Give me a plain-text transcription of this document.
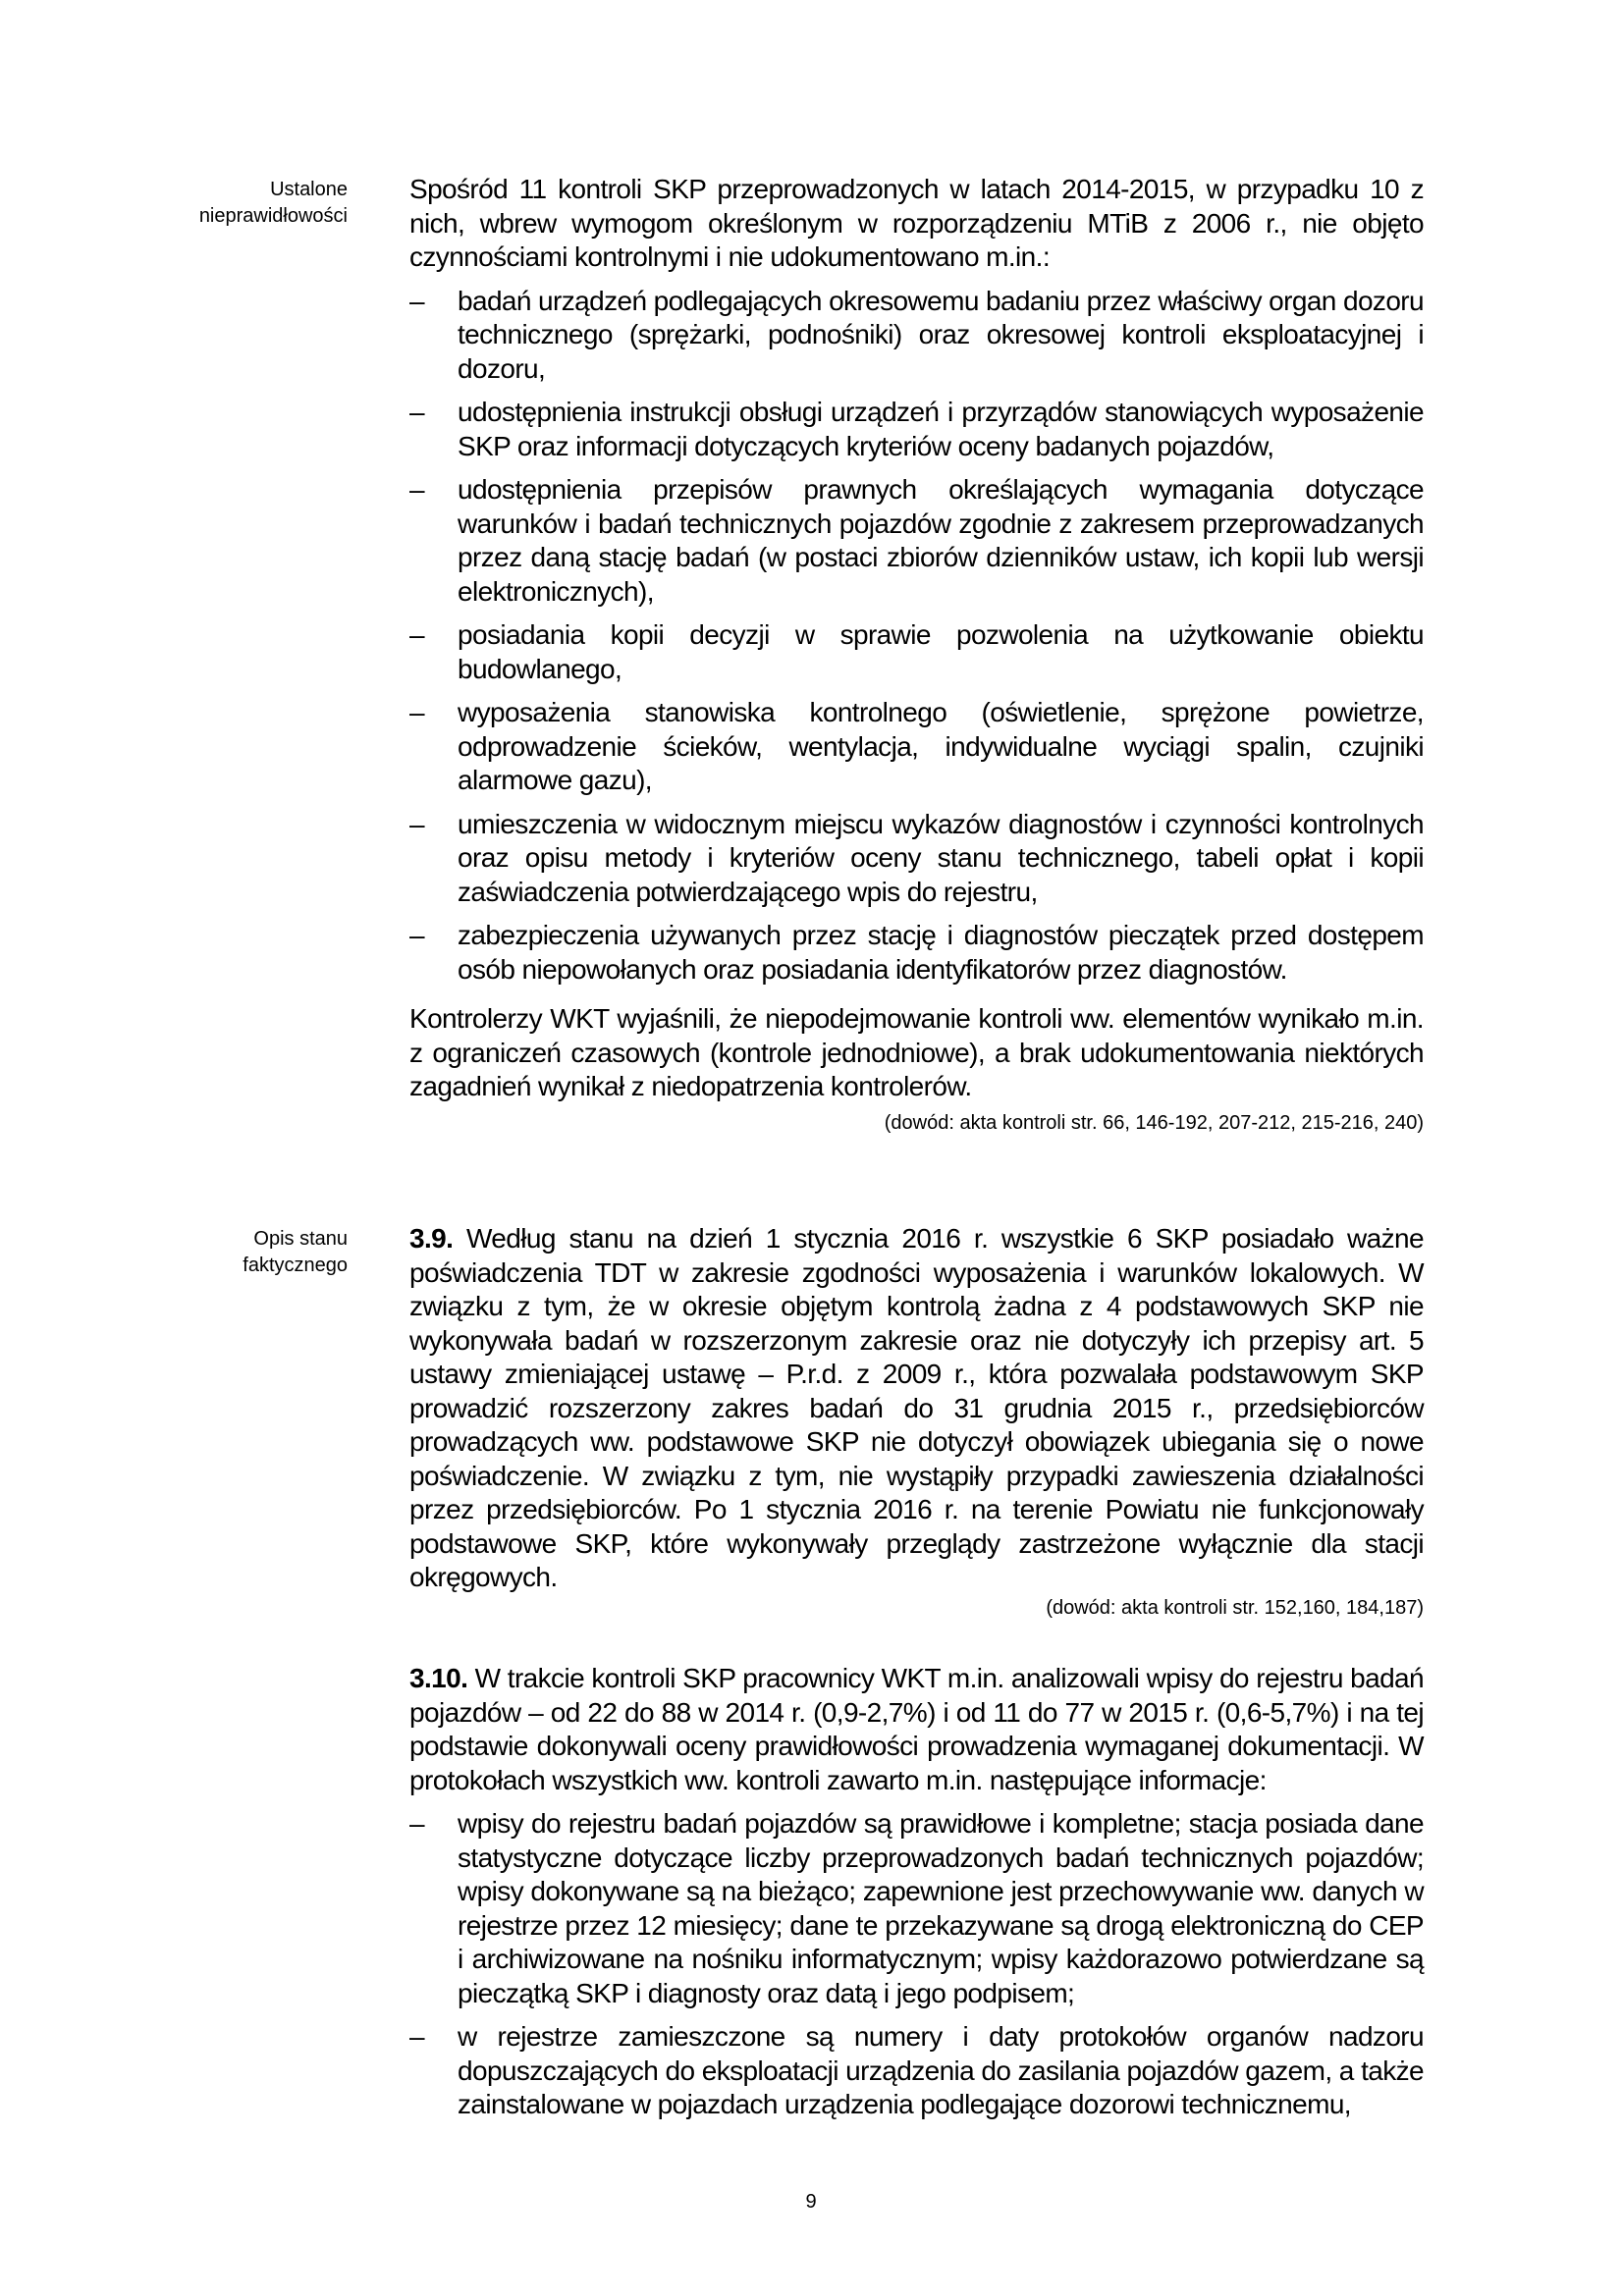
Ustalone
nieprawidłowości
Opis stanu
faktycznego

Spośród 11 kontroli SKP przeprowadzonych w latach 2014-2015, w przypadku 10 z nich, wbrew wymogom określonym w rozporządzeniu MTiB z 2006 r., nie objęto czynnościami kontrolnymi i nie udokumentowano m.in.:

– badań urządzeń podlegających okresowemu badaniu przez właściwy organ dozoru technicznego (sprężarki, podnośniki) oraz okresowej kontroli eksploatacyjnej i dozoru,
– udostępnienia instrukcji obsługi urządzeń i przyrządów stanowiących wyposażenie SKP oraz informacji dotyczących kryteriów oceny badanych pojazdów,
– udostępnienia przepisów prawnych określających wymagania dotyczące warunków i badań technicznych pojazdów zgodnie z zakresem przeprowadzanych przez daną stację badań (w postaci zbiorów dzienników ustaw, ich kopii lub wersji elektronicznych),
– posiadania kopii decyzji w sprawie pozwolenia na użytkowanie obiektu budowlanego,
– wyposażenia stanowiska kontrolnego (oświetlenie, sprężone powietrze, odprowadzenie ścieków, wentylacja, indywidualne wyciągi spalin, czujniki alarmowe gazu),
– umieszczenia w widocznym miejscu wykazów diagnostów i czynności kontrolnych oraz opisu metody i kryteriów oceny stanu technicznego, tabeli opłat i kopii zaświadczenia potwierdzającego wpis do rejestru,
– zabezpieczenia używanych przez stację i diagnostów pieczątek przed dostępem osób niepowołanych oraz posiadania identyfikatorów przez diagnostów.

Kontrolerzy WKT wyjaśnili, że niepodejmowanie kontroli ww. elementów wynikało m.in. z ograniczeń czasowych (kontrole jednodniowe), a brak udokumentowania niektórych zagadnień wynikał z niedopatrzenia kontrolerów.

(dowód: akta kontroli str. 66, 146-192, 207-212, 215-216, 240)

3.9. Według stanu na dzień 1 stycznia 2016 r. wszystkie 6 SKP posiadało ważne poświadczenia TDT w zakresie zgodności wyposażenia i warunków lokalowych. W związku z tym, że w okresie objętym kontrolą żadna z 4 podstawowych SKP nie wykonywała badań w rozszerzonym zakresie oraz nie dotyczyły ich przepisy art. 5 ustawy zmieniającej ustawę – P.r.d. z 2009 r., która pozwalała podstawowym SKP prowadzić rozszerzony zakres badań do 31 grudnia 2015 r., przedsiębiorców prowadzących ww. podstawowe SKP nie dotyczył obowiązek ubiegania się o nowe poświadczenie. W związku z tym, nie wystąpiły przypadki zawieszenia działalności przez przedsiębiorców. Po 1 stycznia 2016 r. na terenie Powiatu nie funkcjonowały podstawowe SKP, które wykonywały przeglądy zastrzeżone wyłącznie dla stacji okręgowych.

(dowód: akta kontroli str. 152,160, 184,187)

3.10. W trakcie kontroli SKP pracownicy WKT m.in. analizowali wpisy do rejestru badań pojazdów – od 22 do 88 w 2014 r. (0,9-2,7%) i od 11 do 77 w 2015 r. (0,6-5,7%) i na tej podstawie dokonywali oceny prawidłowości prowadzenia wymaganej dokumentacji. W protokołach wszystkich ww. kontroli zawarto m.in. następujące informacje:

– wpisy do rejestru badań pojazdów są prawidłowe i kompletne; stacja posiada dane statystyczne dotyczące liczby przeprowadzonych badań technicznych pojazdów; wpisy dokonywane są na bieżąco; zapewnione jest przechowywanie ww. danych w rejestrze przez 12 miesięcy; dane te przekazywane są drogą elektroniczną do CEP i archiwizowane na nośniku informatycznym; wpisy każdorazowo potwierdzane są pieczątką SKP i diagnosty oraz datą i jego podpisem;
– w rejestrze zamieszczone są numery i daty protokołów organów nadzoru dopuszczających do eksploatacji urządzenia do zasilania pojazdów gazem, a także zainstalowane w pojazdach urządzenia podlegające dozorowi technicznemu,
9
